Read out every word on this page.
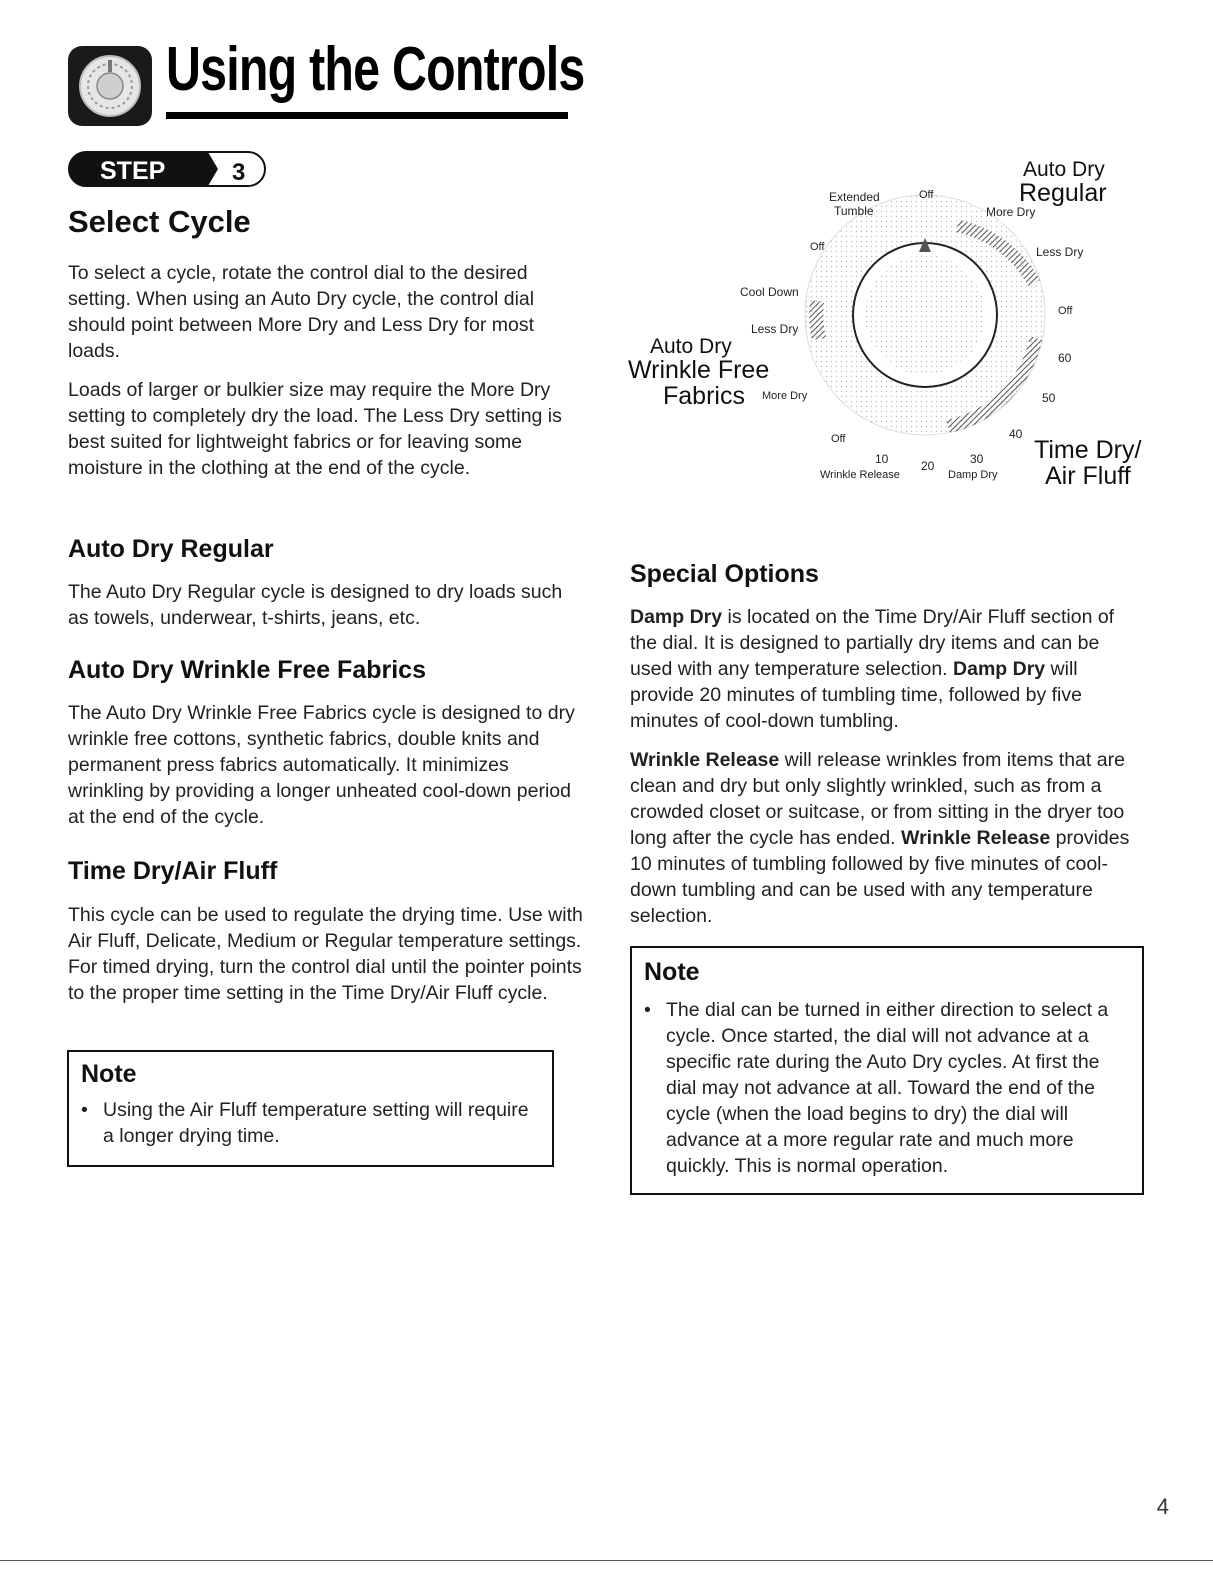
Using the Controls
STEP	3
Select Cycle

To select a cycle, rotate the control dial to the desired setting. When using an Auto Dry cycle, the control dial should point between More Dry and Less Dry for most loads.

Loads of larger or bulkier size may require the More Dry setting to completely dry the load. The Less Dry setting is best suited for lightweight fabrics or for leaving some moisture in the clothing at the end of the cycle.

Auto Dry Regular

The Auto Dry Regular cycle is designed to dry loads such as towels, underwear, t-shirts, jeans, etc.

Auto Dry Wrinkle Free Fabrics

The Auto Dry Wrinkle Free Fabrics cycle is designed to dry wrinkle free cottons, synthetic fabrics, double knits and permanent press fabrics automatically. It minimizes wrinkling by providing a longer unheated cool-down period at the end of the cycle.

Time Dry/Air Fluff

This cycle can be used to regulate the drying time. Use with Air Fluff, Delicate, Medium or Regular temperature settings. For timed drying, turn the control dial until the pointer points to the proper time setting in the Time Dry/Air Fluff cycle.

Note
• Using the Air Fluff temperature setting will require a longer drying time.
Extended
Tumble
Off
Off
Cool Down
Less Dry
More Dry
More Dry
Less Dry
Off
60
50
40
30
20
10
Off
Wrinkle Release	Damp Dry
Auto Dry
Regular
Auto Dry
Wrinkle Free
Fabrics
Time Dry/
Air Fluff
Special Options

Damp Dry is located on the Time Dry/Air Fluff section of the dial. It is designed to partially dry items and can be used with any temperature selection. Damp Dry will provide 20 minutes of tumbling time, followed by five minutes of cool-down tumbling.

Wrinkle Release will release wrinkles from items that are clean and dry but only slightly wrinkled, such as from a crowded closet or suitcase, or from sitting in the dryer too long after the cycle has ended. Wrinkle Release provides 10 minutes of tumbling followed by five minutes of cool-down tumbling and can be used with any temperature selection.

Note
• The dial can be turned in either direction to select a cycle. Once started, the dial will not advance at a specific rate during the Auto Dry cycles. At first the dial may not advance at all. Toward the end of the cycle (when the load begins to dry) the dial will advance at a more regular rate and much more quickly. This is normal operation.
4
